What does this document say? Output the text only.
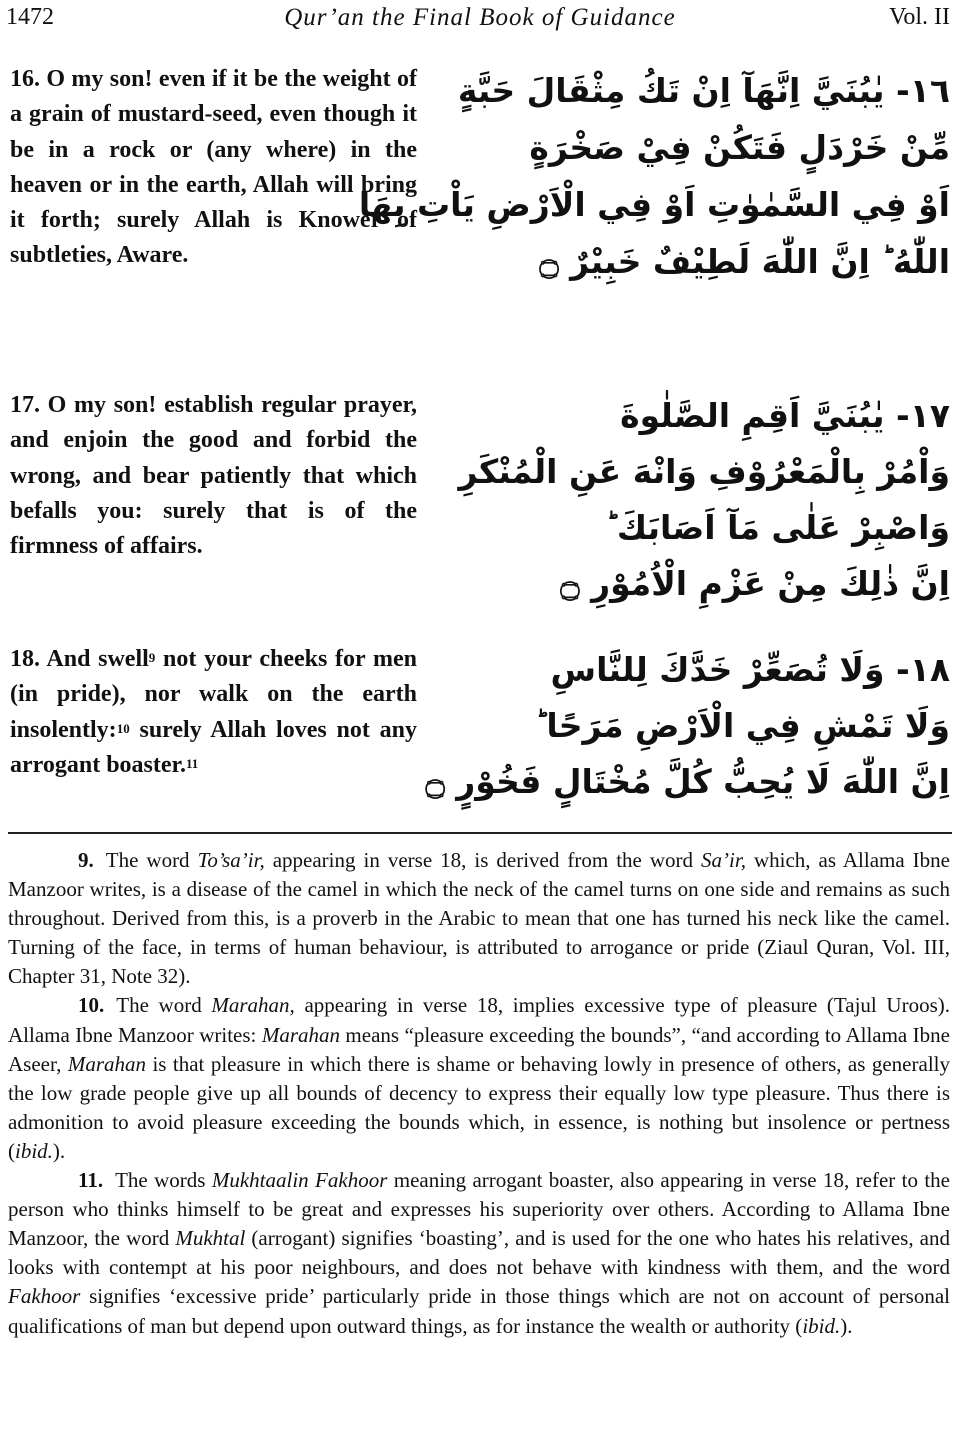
1472	Qur’an the Final Book of Guidance	Vol. II
16. O my son! even if it be the weight of a grain of mustard-seed, even though it be in a rock or (any where) in the heaven or in the earth, Allah will bring it forth; surely Allah is Knower of subtleties, Aware.
١٦- يٰبُنَيَّ اِنَّهَآ اِنْ تَكُ مِثْقَالَ حَبَّةٍ
مِّنْ خَرْدَلٍ فَتَكُنْ فِيْ صَخْرَةٍ
اَوْ فِي السَّمٰوٰتِ اَوْ فِي الْاَرْضِ يَاْتِ بِهَا
اللّٰهُ ؕ اِنَّ اللّٰهَ لَطِيْفٌ خَبِيْرٌ ۝
17. O my son! establish regular prayer, and enjoin the good and forbid the wrong, and bear patiently that which befalls you: surely that is of the firmness of affairs.
١٧- يٰبُنَيَّ اَقِمِ الصَّلٰوةَ
وَاْمُرْ بِالْمَعْرُوْفِ وَانْهَ عَنِ الْمُنْكَرِ
وَاصْبِرْ عَلٰى مَآ اَصَابَكَ ؕ
اِنَّ ذٰلِكَ مِنْ عَزْمِ الْاُمُوْرِ ۝
18. And swell$^9$ not your cheeks for men (in pride), nor walk on the earth insolently:$^{10}$ surely Allah loves not any arrogant boaster.$^{11}$
١٨- وَلَا تُصَعِّرْ خَدَّكَ لِلنَّاسِ
وَلَا تَمْشِ فِي الْاَرْضِ مَرَحًا ؕ
اِنَّ اللّٰهَ لَا يُحِبُّ كُلَّ مُخْتَالٍ فَخُوْرٍ ۝

9. The word To’sa’ir, appearing in verse 18, is derived from the word Sa’ir, which, as Allama Ibne Manzoor writes, is a disease of the camel in which the neck of the camel turns on one side and remains as such throughout. Derived from this, is a proverb in the Arabic to mean that one has turned his neck like the camel. Turning of the face, in terms of human behaviour, is attributed to arrogance or pride (Ziaul Quran, Vol. III, Chapter 31, Note 32).

10. The word Marahan, appearing in verse 18, implies excessive type of pleasure (Tajul Uroos). Allama Ibne Manzoor writes: Marahan means “pleasure exceeding the bounds”, “and according to Allama Ibne Aseer, Marahan is that pleasure in which there is shame or behaving lowly in presence of others, as generally the low grade people give up all bounds of decency to express their equally low type pleasure. Thus there is admonition to avoid pleasure exceeding the bounds which, in essence, is nothing but insolence or pertness (ibid.).

11. The words Mukhtaalin Fakhoor meaning arrogant boaster, also appearing in verse 18, refer to the person who thinks himself to be great and expresses his superiority over others. According to Allama Ibne Manzoor, the word Mukhtal (arrogant) signifies ‘boasting’, and is used for the one who hates his relatives, and looks with contempt at his poor neighbours, and does not behave with kindness with them, and the word Fakhoor signifies ‘excessive pride’ particularly pride in those things which are not on account of personal qualifications of man but depend upon outward things, as for instance the wealth or authority (ibid.).
